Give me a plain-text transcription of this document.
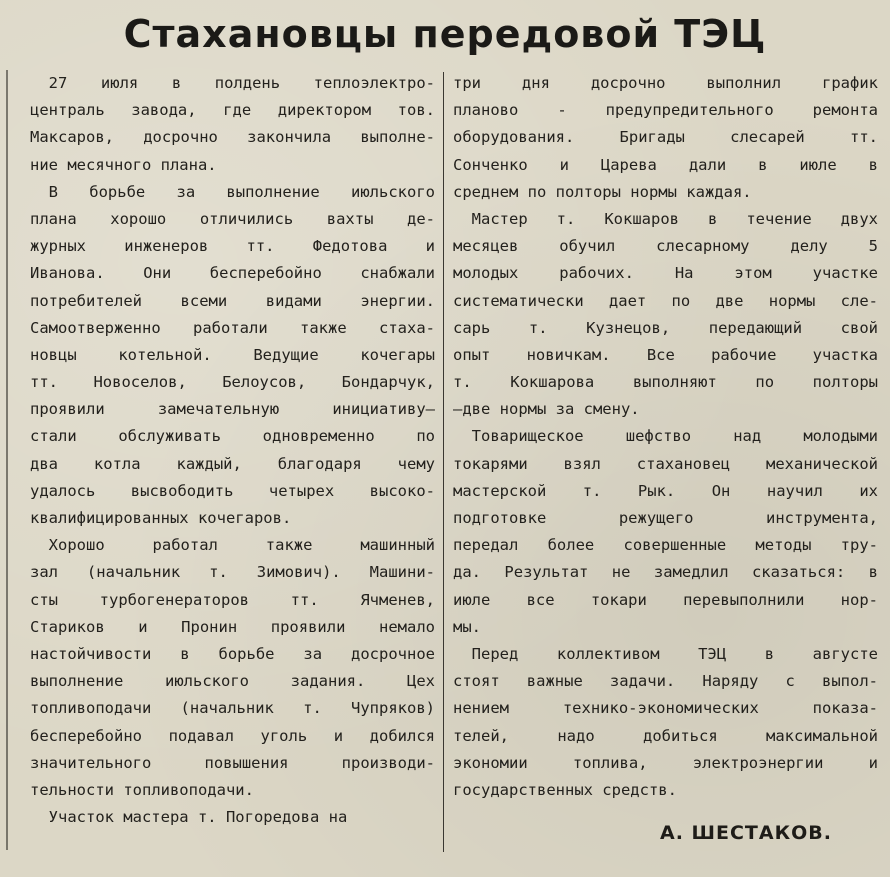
Стахановцы передовой ТЭЦ
27 июля в полдень теплоэлектро-
централь завода, где директором тов.
Максаров, досрочно закончила выполне-
ние месячного плана.
В борьбе за выполнение июльского
плана хорошо отличились вахты де-
журных инженеров тт. Федотова и
Иванова. Они бесперебойно снабжали
потребителей всеми видами энергии.
Самоотверженно работали также стаха-
новцы котельной. Ведущие кочегары
тт. Новоселов, Белоусов, Бондарчук,
проявили замечательную инициативу—
стали обслуживать одновременно по
два котла каждый, благодаря чему
удалось высвободить четырех высоко-
квалифицированных кочегаров.
Хорошо работал также машинный
зал (начальник т. Зимович). Машини-
сты турбогенераторов тт. Ячменев,
Стариков и Пронин проявили немало
настойчивости в борьбе за досрочное
выполнение июльского задания. Цех
топливоподачи (начальник т. Чупряков)
бесперебойно подавал уголь и добился
значительного повышения производи-
тельности топливоподачи.
Участок мастера т. Погоредова на
три дня досрочно выполнил график
планово - предупредительного ремонта
оборудования. Бригады слесарей тт.
Сонченко и Царева дали в июле в
среднем по полторы нормы каждая.
Мастер т. Кокшаров в течение двух
месяцев обучил слесарному делу 5
молодых рабочих. На этом участке
систематически дает по две нормы сле-
сарь т. Кузнецов, передающий свой
опыт новичкам. Все рабочие участка
т. Кокшарова выполняют по полторы
—две нормы за смену.
Товарищеское шефство над молодыми
токарями взял стахановец механической
мастерской т. Рык. Он научил их
подготовке режущего инструмента,
передал более совершенные методы тру-
да. Результат не замедлил сказаться: в
июле все токари перевыполнили нор-
мы.
Перед коллективом ТЭЦ в августе
стоят важные задачи. Наряду с выпол-
нением технико-экономических показа-
телей, надо добиться максимальной
экономии топлива, электроэнергии и
государственных средств.
А. ШЕСТАКОВ.
